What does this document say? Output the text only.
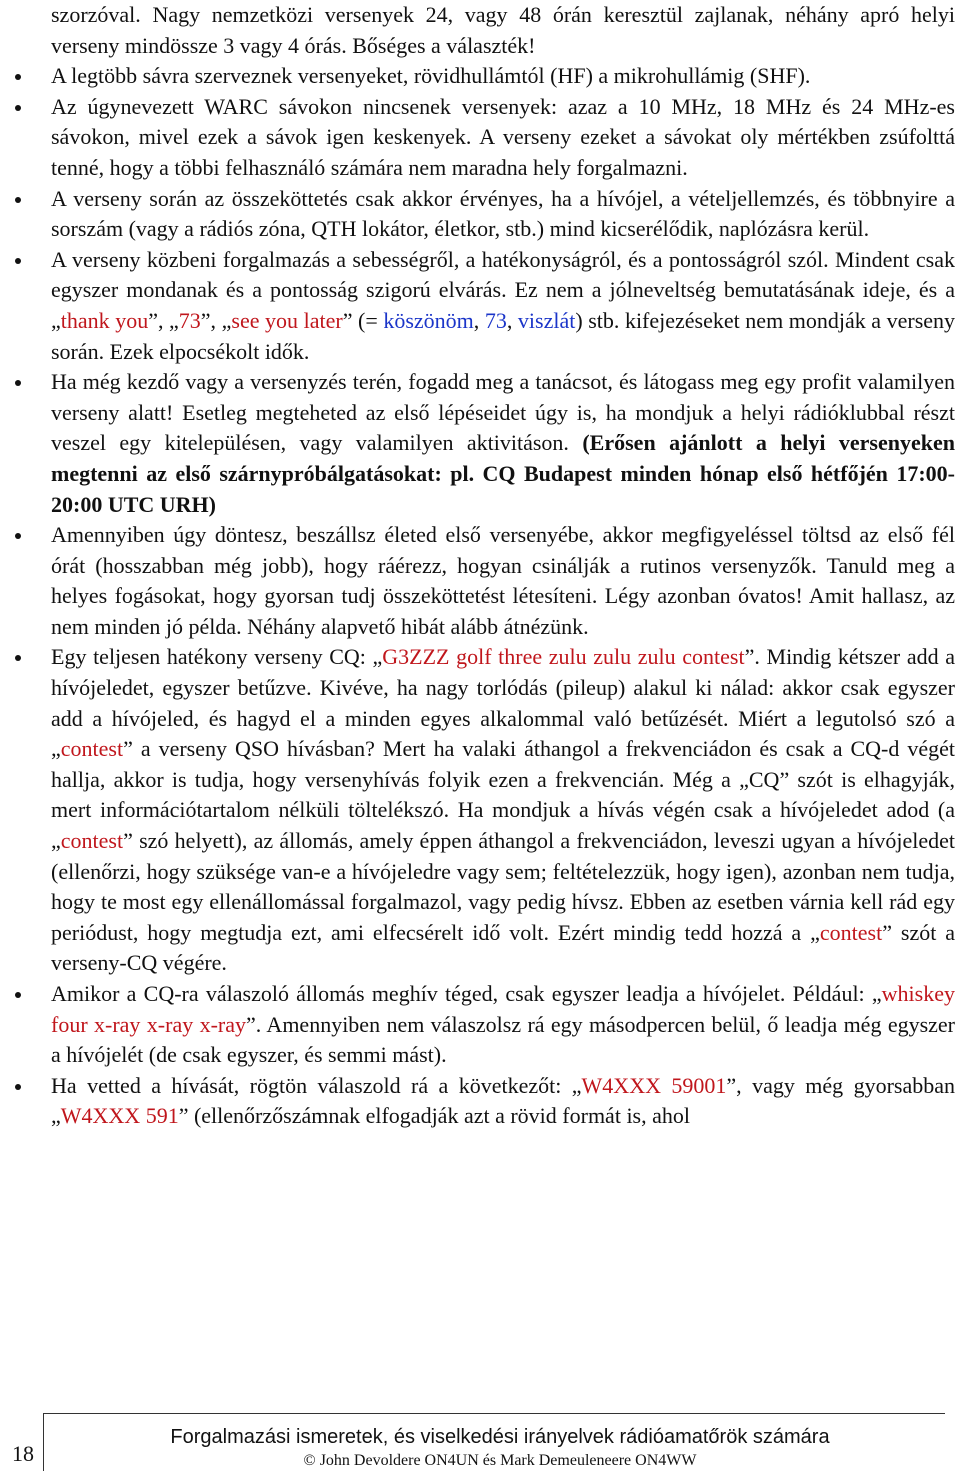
szorzóval. Nagy nemzetközi versenyek 24, vagy 48 órán keresztül zajlanak, néhány apró helyi verseny mindössze 3 vagy 4 órás. Bőséges a választék!

A legtöbb sávra szerveznek versenyeket, rövidhullámtól (HF) a mikrohullámig (SHF).

Az úgynevezett WARC sávokon nincsenek versenyek: azaz a 10 MHz, 18 MHz és 24 MHz-es sávokon, mivel ezek a sávok igen keskenyek. A verseny ezeket a sávokat oly mértékben zsúfolttá tenné, hogy a többi felhasználó számára nem maradna hely forgalmazni.

A verseny során az összeköttetés csak akkor érvényes, ha a hívójel, a vételjellemzés, és többnyire a sorszám (vagy a rádiós zóna, QTH lokátor, életkor, stb.) mind kicserélődik, naplózásra kerül.

A verseny közbeni forgalmazás a sebességről, a hatékonyságról, és a pontosságról szól. Mindent csak egyszer mondanak és a pontosság szigorú elvárás. Ez nem a jólneveltség bemutatásának ideje, és a „thank you”, „73”, „see you later” (= köszönöm, 73, viszlát) stb. kifejezéseket nem mondják a verseny során. Ezek elpocsékolt idők.

Ha még kezdő vagy a versenyzés terén, fogadd meg a tanácsot, és látogass meg egy profit valamilyen verseny alatt! Esetleg megteheted az első lépéseidet úgy is, ha mondjuk a helyi rádióklubbal részt veszel egy kitelepülésen, vagy valamilyen aktivitáson. (Erősen ajánlott a helyi versenyeken megtenni az első szárnypróbálgatásokat: pl. CQ Budapest minden hónap első hétfőjén 17:00-20:00 UTC URH)

Amennyiben úgy döntesz, beszállsz életed első versenyébe, akkor megfigyeléssel töltsd az első fél órát (hosszabban még jobb), hogy ráérezz, hogyan csinálják a rutinos versenyzők. Tanuld meg a helyes fogásokat, hogy gyorsan tudj összeköttetést létesíteni. Légy azonban óvatos! Amit hallasz, az nem minden jó példa. Néhány alapvető hibát alább átnézünk.

Egy teljesen hatékony verseny CQ: „G3ZZZ golf three zulu zulu zulu contest”. Mindig kétszer add a hívójeledet, egyszer betűzve. Kivéve, ha nagy torlódás (pileup) alakul ki nálad: akkor csak egyszer add a hívójeled, és hagyd el a minden egyes alkalommal való betűzését. Miért a legutolsó szó a „contest” a verseny QSO hívásban? Mert ha valaki áthangol a frekvenciádon és csak a CQ-d végét hallja, akkor is tudja, hogy versenyhívás folyik ezen a frekvencián. Még a „CQ” szót is elhagyják, mert információtartalom nélküli töltelékszó. Ha mondjuk a hívás végén csak a hívójeledet adod (a „contest” szó helyett), az állomás, amely éppen áthangol a frekvenciádon, leveszi ugyan a hívójeledet (ellenőrzi, hogy szüksége van-e a hívójeledre vagy sem; feltételezzük, hogy igen), azonban nem tudja, hogy te most egy ellenállomással forgalmazol, vagy pedig hívsz. Ebben az esetben várnia kell rád egy periódust, hogy megtudja ezt, ami elfecsérelt idő volt. Ezért mindig tedd hozzá a „contest” szót a verseny-CQ végére.

Amikor a CQ-ra válaszoló állomás meghív téged, csak egyszer leadja a hívójelet. Például: „whiskey four x-ray x-ray x-ray”. Amennyiben nem válaszolsz rá egy másodpercen belül, ő leadja még egyszer a hívójelét (de csak egyszer, és semmi mást).

Ha vetted a hívását, rögtön válaszold rá a következőt: „W4XXX 59001”, vagy még gyorsabban „W4XXX 591” (ellenőrzőszámnak elfogadják azt a rövid formát is, ahol

18
Forgalmazási ismeretek, és viselkedési irányelvek rádióamatőrök számára
© John Devoldere ON4UN és Mark Demeuleneere ON4WW
